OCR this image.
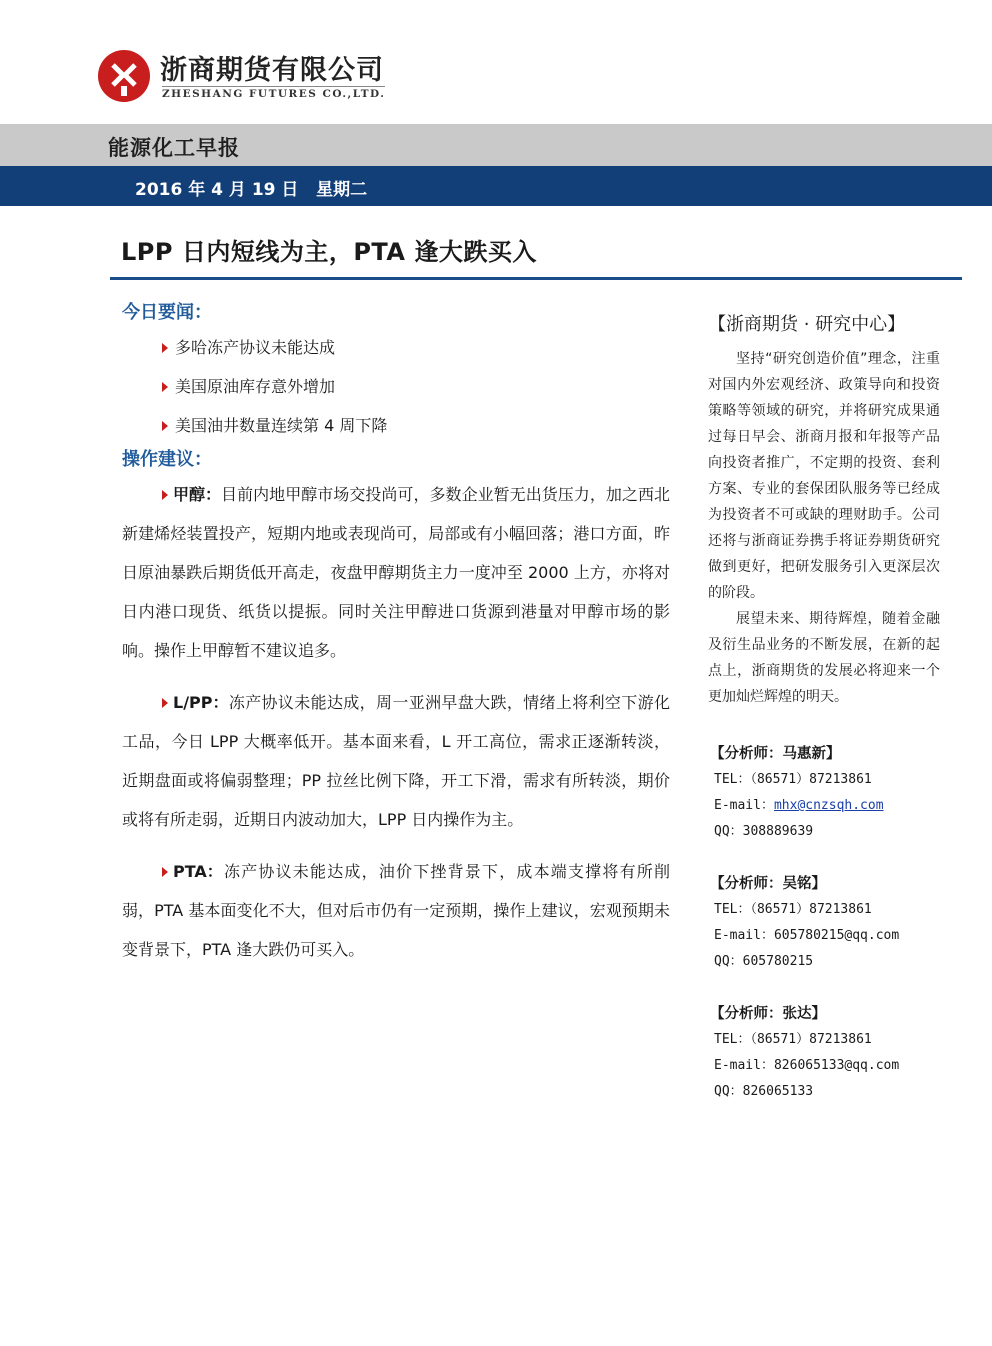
浙商期货有限公司
ZHESHANG FUTURES CO.,LTD.
能源化工早报
2016 年 4 月 19 日   星期二
LPP 日内短线为主，PTA 逢大跌买入
今日要闻：
多哈冻产协议未能达成
美国原油库存意外增加
美国油井数量连续第 4 周下降
操作建议：

甲醇：目前内地甲醇市场交投尚可，多数企业暂无出货压力，加之西北新建烯烃装置投产，短期内地或表现尚可，局部或有小幅回落；港口方面，昨日原油暴跌后期货低开高走，夜盘甲醇期货主力一度冲至 2000 上方，亦将对日内港口现货、纸货以提振。同时关注甲醇进口货源到港量对甲醇市场的影响。操作上甲醇暂不建议追多。

L/PP：冻产协议未能达成，周一亚洲早盘大跌，情绪上将利空下游化工品，今日 LPP 大概率低开。基本面来看，L 开工高位，需求正逐渐转淡，近期盘面或将偏弱整理；PP 拉丝比例下降，开工下滑，需求有所转淡，期价或将有所走弱，近期日内波动加大，LPP 日内操作为主。

PTA：冻产协议未能达成，油价下挫背景下，成本端支撑将有所削弱，PTA 基本面变化不大，但对后市仍有一定预期，操作上建议，宏观预期未变背景下，PTA 逢大跌仍可买入。

【浙商期货 · 研究中心】

坚持“研究创造价值”理念，注重对国内外宏观经济、政策导向和投资策略等领域的研究，并将研究成果通过每日早会、浙商月报和年报等产品向投资者推广，不定期的投资、套利方案、专业的套保团队服务等已经成为投资者不可或缺的理财助手。公司还将与浙商证券携手将证券期货研究做到更好，把研发服务引入更深层次的阶段。

展望未来、期待辉煌，随着金融及衍生品业务的不断发展，在新的起点上，浙商期货的发展必将迎来一个更加灿烂辉煌的明天。

【分析师：马惠新】
TEL：（86571）87213861
E-mail：mhx@cnzsqh.com
QQ：308889639
【分析师：吴铭】
TEL：（86571）87213861
E-mail：605780215@qq.com
QQ：605780215
【分析师：张达】
TEL：（86571）87213861
E-mail：826065133@qq.com
QQ：826065133
